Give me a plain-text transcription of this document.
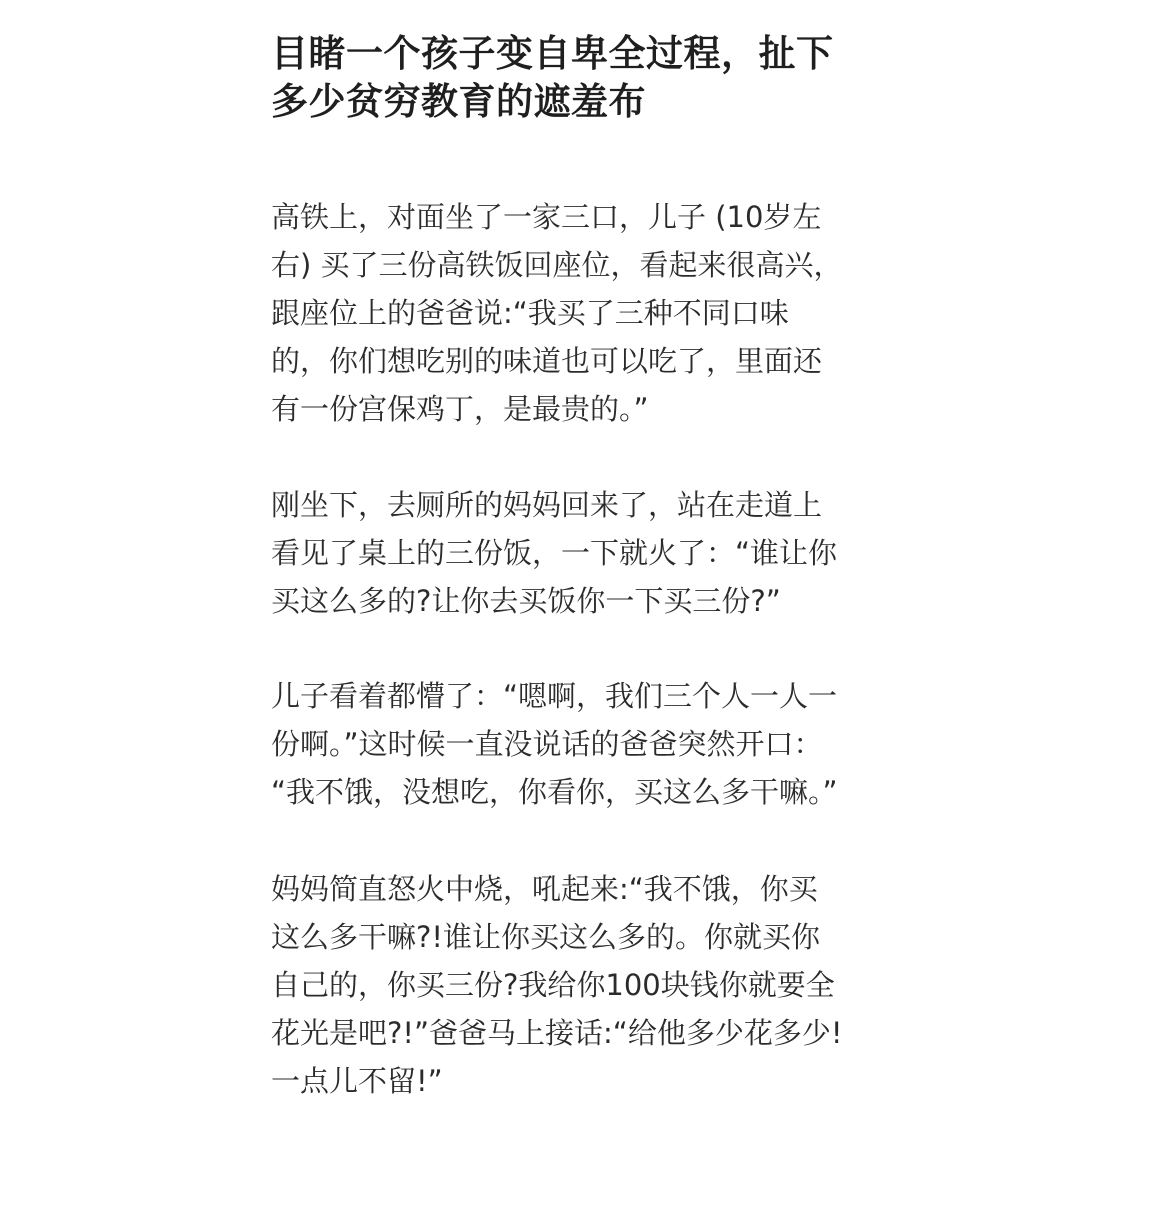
目睹一个孩子变自卑全过程，扯下
多少贫穷教育的遮羞布
高铁上，对面坐了一家三口，儿子 (10岁左
右) 买了三份高铁饭回座位，看起来很高兴，
跟座位上的爸爸说:“我买了三种不同口味
的，你们想吃别的味道也可以吃了，里面还
有一份宫保鸡丁，是最贵的。”
刚坐下，去厕所的妈妈回来了，站在走道上
看见了桌上的三份饭，一下就火了：“谁让你
买这么多的?让你去买饭你一下买三份?”
儿子看着都懵了：“嗯啊，我们三个人一人一
份啊。”这时候一直没说话的爸爸突然开口：
“我不饿，没想吃，你看你，买这么多干嘛。”
妈妈简直怒火中烧，吼起来:“我不饿，你买
这么多干嘛?!谁让你买这么多的。你就买你
自己的，你买三份?我给你100块钱你就要全
花光是吧?!”爸爸马上接话:“给他多少花多少!
一点儿不留!”
